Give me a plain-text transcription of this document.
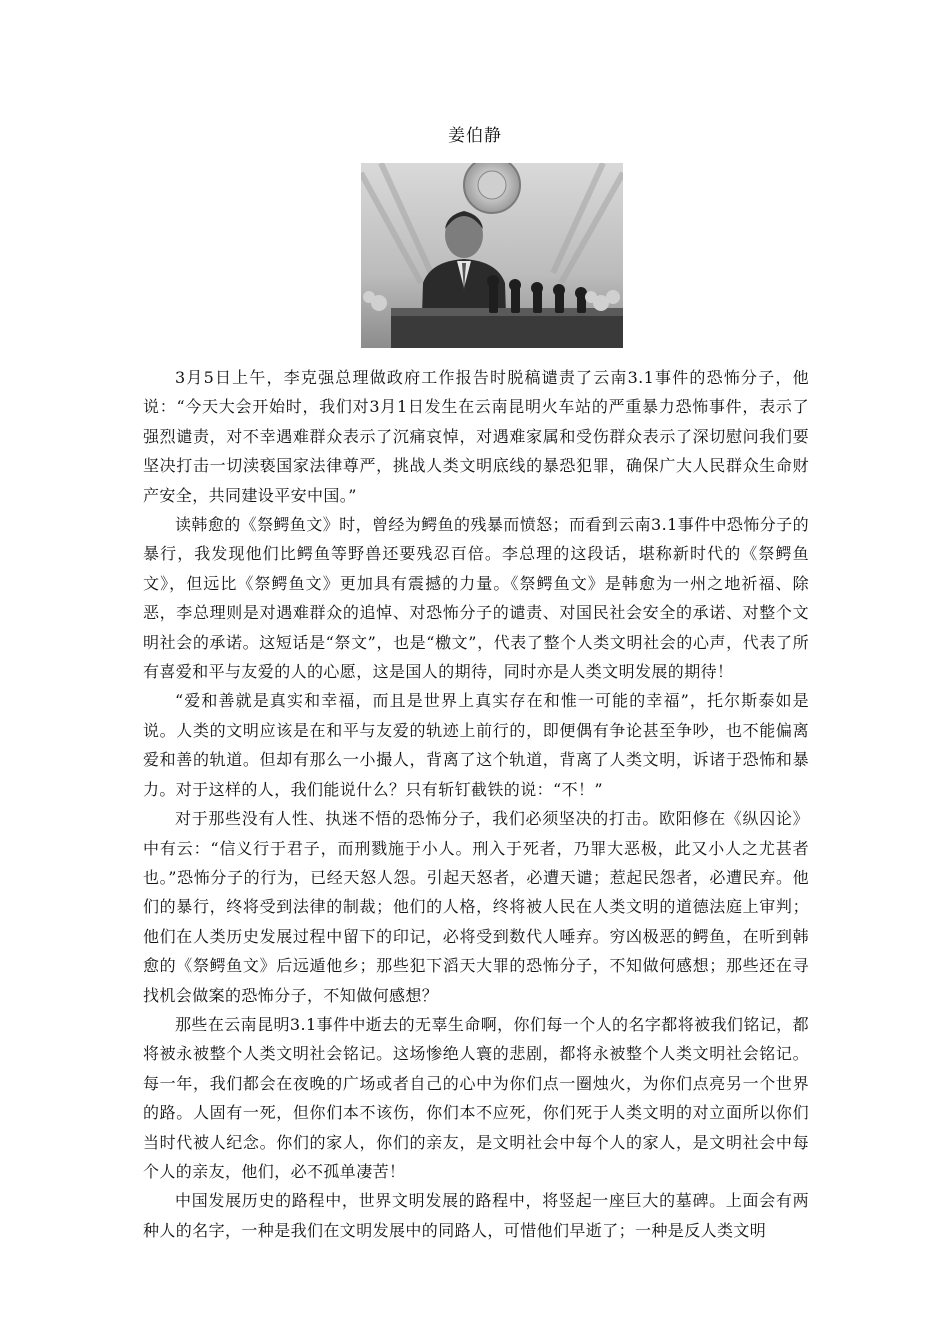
姜伯静

3月5日上午，李克强总理做政府工作报告时脱稿谴责了云南3.1事件的恐怖分子，他说：“今天大会开始时，我们对3月1日发生在云南昆明火车站的严重暴力恐怖事件，表示了强烈谴责，对不幸遇难群众表示了沉痛哀悼，对遇难家属和受伤群众表示了深切慰问我们要坚决打击一切渎亵国家法律尊严，挑战人类文明底线的暴恐犯罪，确保广大人民群众生命财产安全，共同建设平安中国。”

读韩愈的《祭鳄鱼文》时，曾经为鳄鱼的残暴而愤怒；而看到云南3.1事件中恐怖分子的暴行，我发现他们比鳄鱼等野兽还要残忍百倍。李总理的这段话，堪称新时代的《祭鳄鱼文》，但远比《祭鳄鱼文》更加具有震撼的力量。《祭鳄鱼文》是韩愈为一州之地祈福、除恶，李总理则是对遇难群众的追悼、对恐怖分子的谴责、对国民社会安全的承诺、对整个文明社会的承诺。这短话是“祭文”，也是“檄文”，代表了整个人类文明社会的心声，代表了所有喜爱和平与友爱的人的心愿，这是国人的期待，同时亦是人类文明发展的期待！

“爱和善就是真实和幸福，而且是世界上真实存在和惟一可能的幸福”，托尔斯泰如是说。人类的文明应该是在和平与友爱的轨迹上前行的，即便偶有争论甚至争吵，也不能偏离爱和善的轨道。但却有那么一小撮人，背离了这个轨道，背离了人类文明，诉诸于恐怖和暴力。对于这样的人，我们能说什么？只有斩钉截铁的说：“不！”

对于那些没有人性、执迷不悟的恐怖分子，我们必须坚决的打击。欧阳修在《纵囚论》中有云：“信义行于君子，而刑戮施于小人。刑入于死者，乃罪大恶极，此又小人之尤甚者也。”恐怖分子的行为，已经天怒人怨。引起天怒者，必遭天谴；惹起民怨者，必遭民弃。他们的暴行，终将受到法律的制裁；他们的人格，终将被人民在人类文明的道德法庭上审判；他们在人类历史发展过程中留下的印记，必将受到数代人唾弃。穷凶极恶的鳄鱼，在听到韩愈的《祭鳄鱼文》后远遁他乡；那些犯下滔天大罪的恐怖分子，不知做何感想；那些还在寻找机会做案的恐怖分子，不知做何感想？

那些在云南昆明3.1事件中逝去的无辜生命啊，你们每一个人的名字都将被我们铭记，都将被永被整个人类文明社会铭记。这场惨绝人寰的悲剧，都将永被整个人类文明社会铭记。每一年，我们都会在夜晚的广场或者自己的心中为你们点一圈烛火，为你们点亮另一个世界的路。人固有一死，但你们本不该伤，你们本不应死，你们死于人类文明的对立面所以你们当时代被人纪念。你们的家人，你们的亲友，是文明社会中每个人的家人，是文明社会中每个人的亲友，他们，必不孤单凄苦！

中国发展历史的路程中，世界文明发展的路程中，将竖起一座巨大的墓碑。上面会有两种人的名字，一种是我们在文明发展中的同路人，可惜他们早逝了；一种是反人类文明
